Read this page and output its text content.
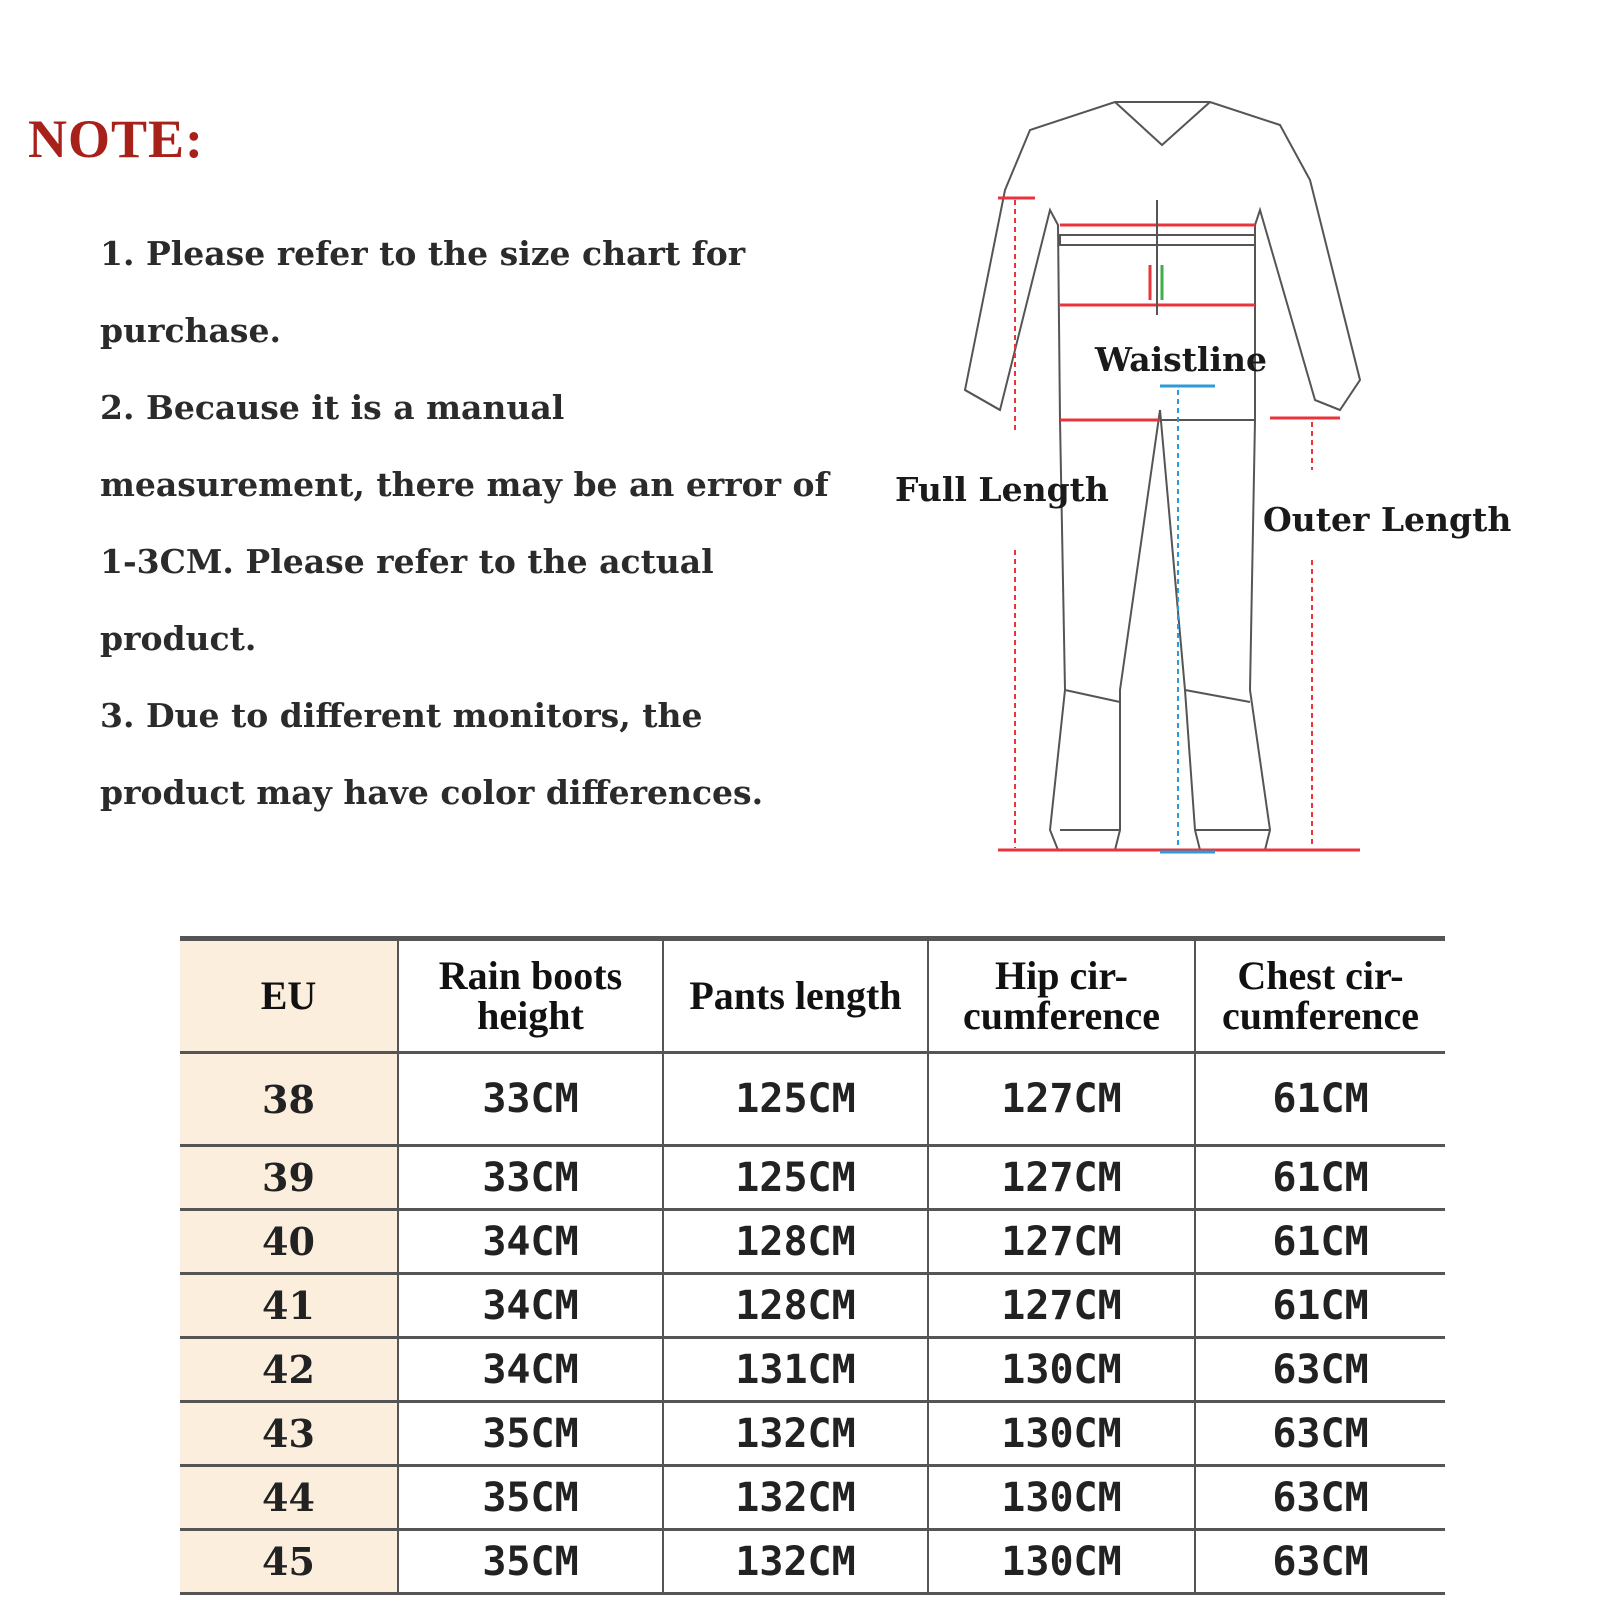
NOTE:
1. Please refer to the size chart for purchase.
2. Because it is a manual measurement, there may be an error of 1-3CM. Please refer to the actual product.
3. Due to different monitors, the product may have color differences.
Waistline
Full Length
Outer Length
EU	Rain boots height	Pants length	Hip cir-cumference	Chest cir-cumference
38	33CM	125CM	127CM	61CM
39	33CM	125CM	127CM	61CM
40	34CM	128CM	127CM	61CM
41	34CM	128CM	127CM	61CM
42	34CM	131CM	130CM	63CM
43	35CM	132CM	130CM	63CM
44	35CM	132CM	130CM	63CM
45	35CM	132CM	130CM	63CM
